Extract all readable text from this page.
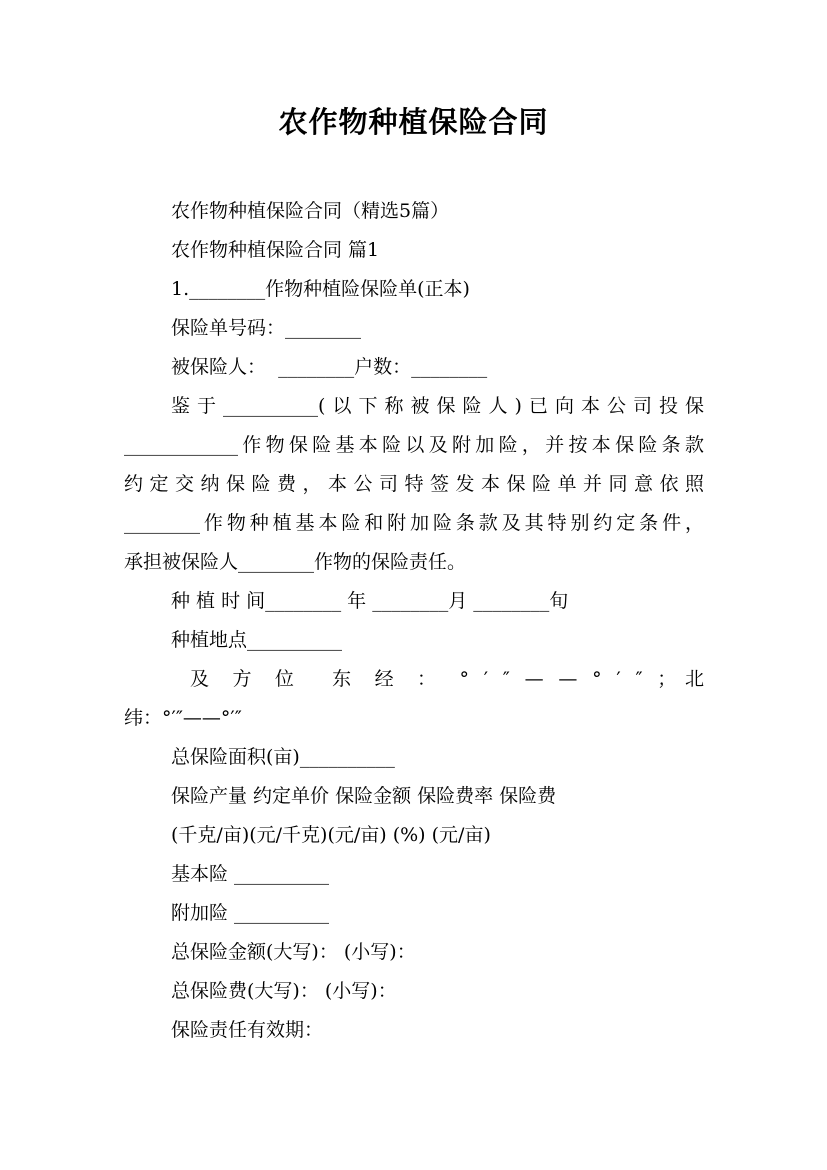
农作物种植保险合同
农作物种植保险合同（精选5篇）
农作物种植保险合同 篇1
1.________作物种植险保险单(正本)
保险单号码：________
被保险人：  ________户数：________
鉴于__________(以下称被保险人)已向本公司投保
____________作物保险基本险以及附加险，并按本保险条款
约定交纳保险费，本公司特签发本保险单并同意依照
________作物种植基本险和附加险条款及其特别约定条件，
承担被保险人________作物的保险责任。
种 植 时 间________ 年 ________月 ________旬
种植地点__________
及 方 位  东 经 ： ° ′ ″ — — ° ′ ″ ；北
纬：°′″——°′″
总保险面积(亩)__________
保险产量 约定单价 保险金额 保险费率 保险费
(千克/亩)(元/千克)(元/亩) (%) (元/亩)
基本险 __________
附加险 __________
总保险金额(大写)： (小写)：
总保险费(大写)： (小写)：
保险责任有效期：
